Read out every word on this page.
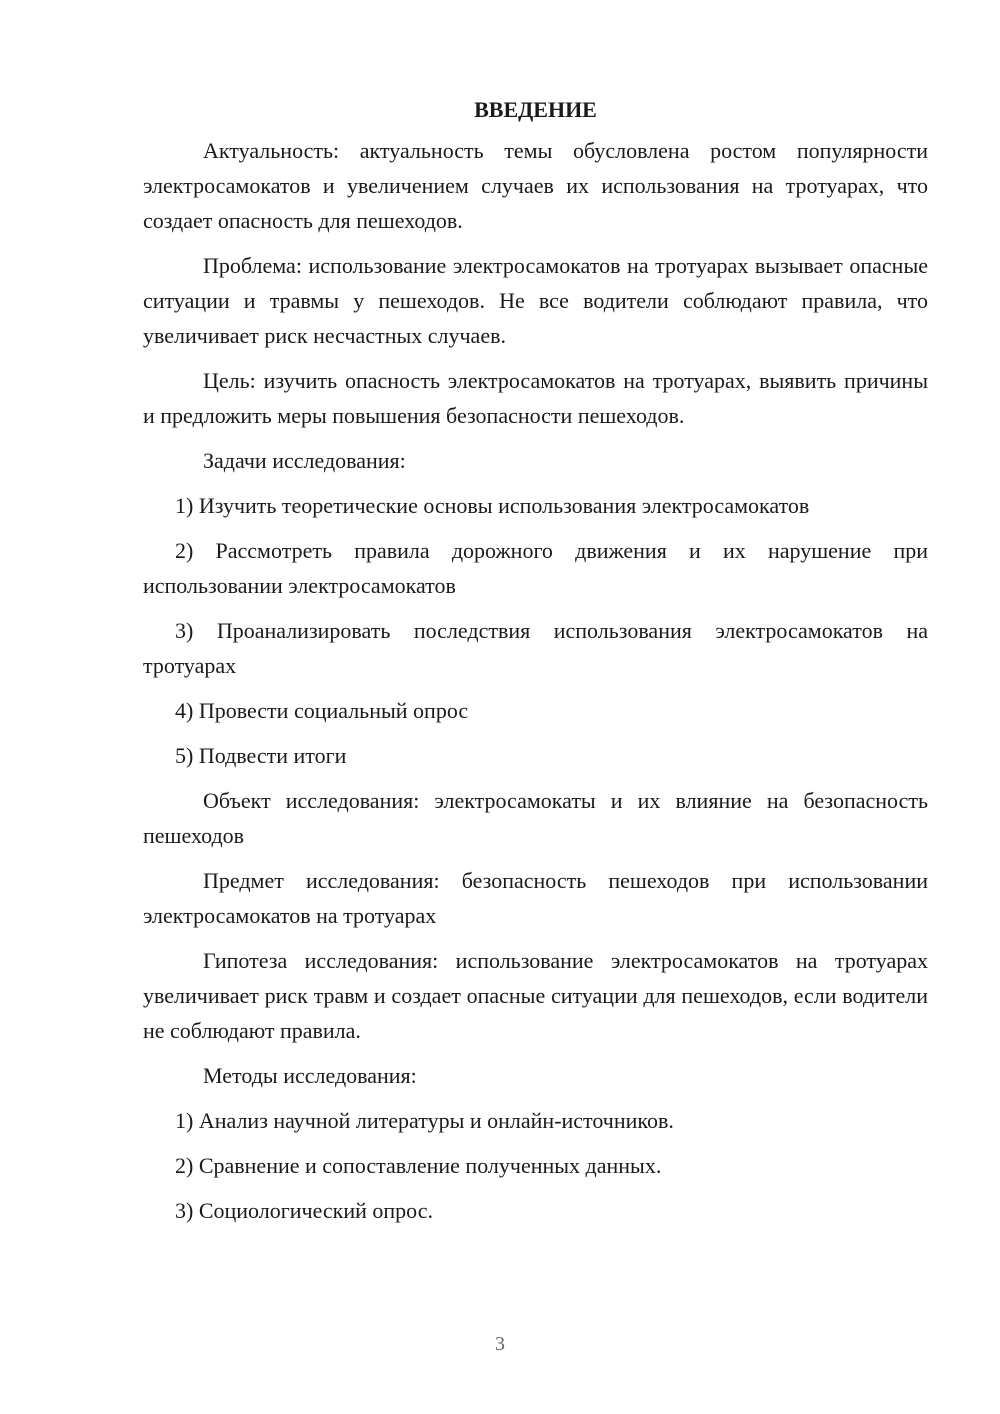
ВВЕДЕНИЕ

Актуальность: актуальность темы обусловлена ростом популярности электросамокатов и увеличением случаев их использования на тротуарах, что создает опасность для пешеходов.

Проблема: использование электросамокатов на тротуарах вызывает опасные ситуации и травмы у пешеходов. Не все водители соблюдают правила, что увеличивает риск несчастных случаев.

Цель: изучить опасность электросамокатов на тротуарах, выявить причины и предложить меры повышения безопасности пешеходов.

Задачи исследования:

1) Изучить теоретические основы использования электросамокатов

2) Рассмотреть правила дорожного движения и их нарушение при использовании электросамокатов

3) Проанализировать последствия использования электросамокатов на тротуарах

4) Провести социальный опрос

5) Подвести итоги

Объект исследования: электросамокаты и их влияние на безопасность пешеходов

Предмет исследования: безопасность пешеходов при использовании электросамокатов на тротуарах

Гипотеза исследования: использование электросамокатов на тротуарах увеличивает риск травм и создает опасные ситуации для пешеходов, если водители не соблюдают правила.

Методы исследования:

1) Анализ научной литературы и онлайн-источников.

2) Сравнение и сопоставление полученных данных.

3) Социологический опрос.

3
